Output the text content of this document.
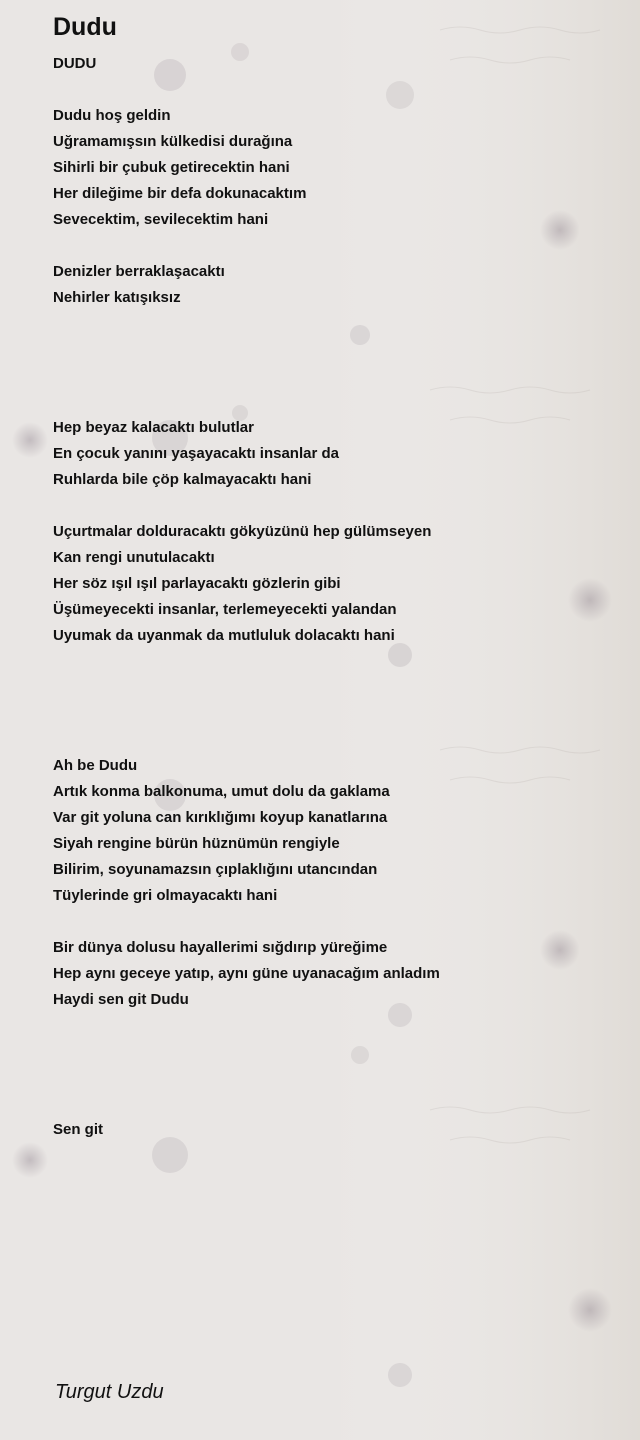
Dudu
DUDU
Dudu hoş geldin
Uğramamışsın külkedisi durağına
Sihirli bir çubuk getirecektin hani
Her dileğime bir defa dokunacaktım
Sevecektim, sevilecektim hani
Denizler berraklaşacaktı
Nehirler katışıksız
Hep beyaz kalacaktı bulutlar
En çocuk yanını yaşayacaktı insanlar da
Ruhlarda bile çöp kalmayacaktı hani
Uçurtmalar dolduracaktı gökyüzünü hep gülümseyen
Kan rengi unutulacaktı
Her söz ışıl ışıl parlayacaktı gözlerin gibi
Üşümeyecekti insanlar, terlemeyecekti yalandan
Uyumak da uyanmak da mutluluk dolacaktı hani
Ah be Dudu
Artık konma balkonuma, umut dolu da gaklama
Var git yoluna can kırıklığımı koyup kanatlarına
Siyah rengine bürün hüznümün rengiyle
Bilirim, soyunamazsın çıplaklığını utancından
Tüylerinde gri olmayacaktı hani
Bir dünya dolusu hayallerimi sığdırıp yüreğime
Hep aynı geceye yatıp, aynı güne uyanacağım anladım
Haydi sen git Dudu
Sen git
Turgut Uzdu
